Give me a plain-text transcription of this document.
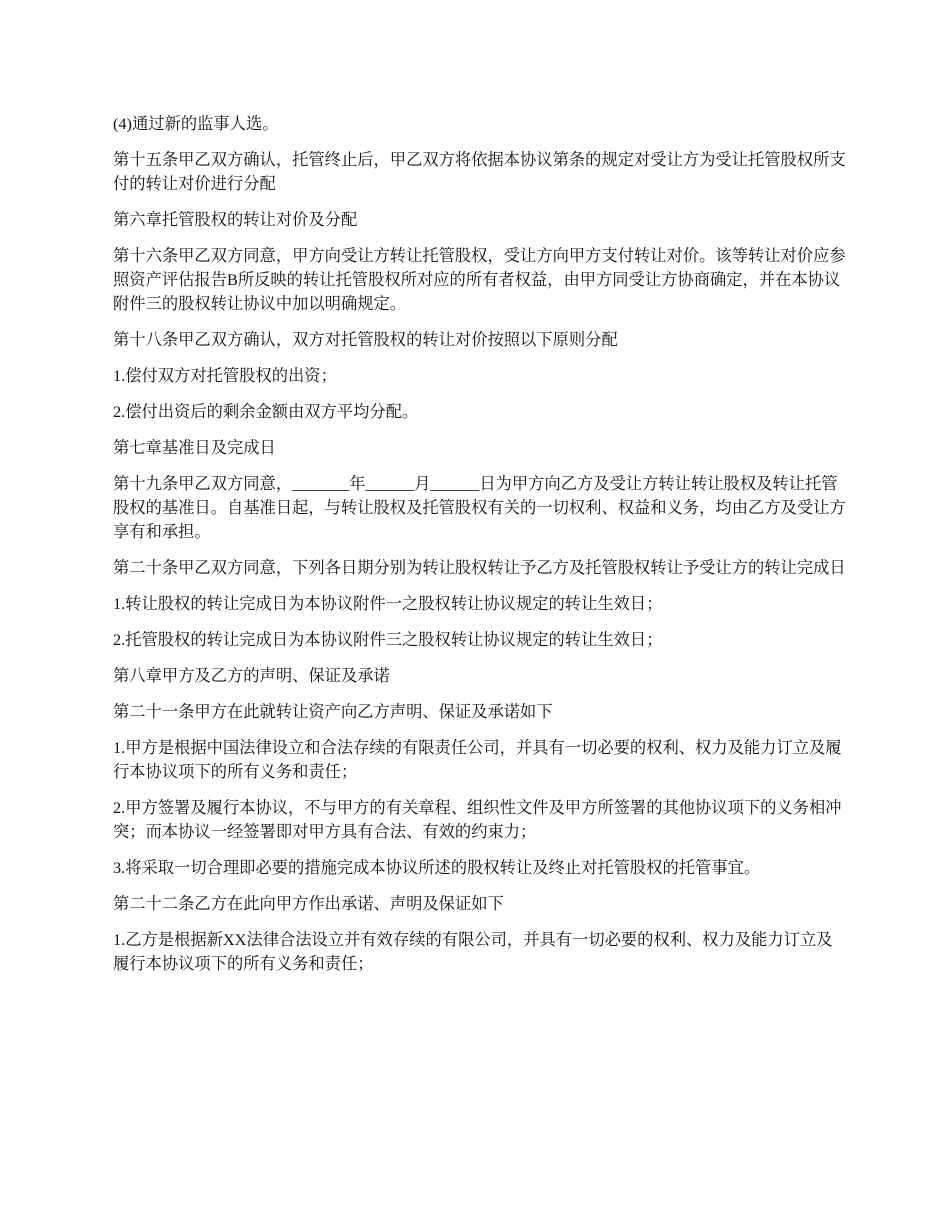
(4)通过新的监事人选。

第十五条甲乙双方确认，托管终止后，甲乙双方将依据本协议第条的规定对受让方为受让托管股权所支付的转让对价进行分配

第六章托管股权的转让对价及分配

第十六条甲乙双方同意，甲方向受让方转让托管股权，受让方向甲方支付转让对价。该等转让对价应参照资产评估报告B所反映的转让托管股权所对应的所有者权益，由甲方同受让方协商确定，并在本协议附件三的股权转让协议中加以明确规定。

第十八条甲乙双方确认，双方对托管股权的转让对价按照以下原则分配

1.偿付双方对托管股权的出资；

2.偿付出资后的剩余金额由双方平均分配。

第七章基准日及完成日

第十九条甲乙双方同意，_______年______月______日为甲方向乙方及受让方转让转让股权及转让托管股权的基准日。自基准日起，与转让股权及托管股权有关的一切权利、权益和义务，均由乙方及受让方享有和承担。

第二十条甲乙双方同意，下列各日期分别为转让股权转让予乙方及托管股权转让予受让方的转让完成日

1.转让股权的转让完成日为本协议附件一之股权转让协议规定的转让生效日；

2.托管股权的转让完成日为本协议附件三之股权转让协议规定的转让生效日；

第八章甲方及乙方的声明、保证及承诺

第二十一条甲方在此就转让资产向乙方声明、保证及承诺如下

1.甲方是根据中国法律设立和合法存续的有限责任公司，并具有一切必要的权利、权力及能力订立及履行本协议项下的所有义务和责任；

2.甲方签署及履行本协议，不与甲方的有关章程、组织性文件及甲方所签署的其他协议项下的义务相冲突；而本协议一经签署即对甲方具有合法、有效的约束力；

3.将采取一切合理即必要的措施完成本协议所述的股权转让及终止对托管股权的托管事宜。

第二十二条乙方在此向甲方作出承诺、声明及保证如下

1.乙方是根据新XX法律合法设立并有效存续的有限公司，并具有一切必要的权利、权力及能力订立及履行本协议项下的所有义务和责任；
